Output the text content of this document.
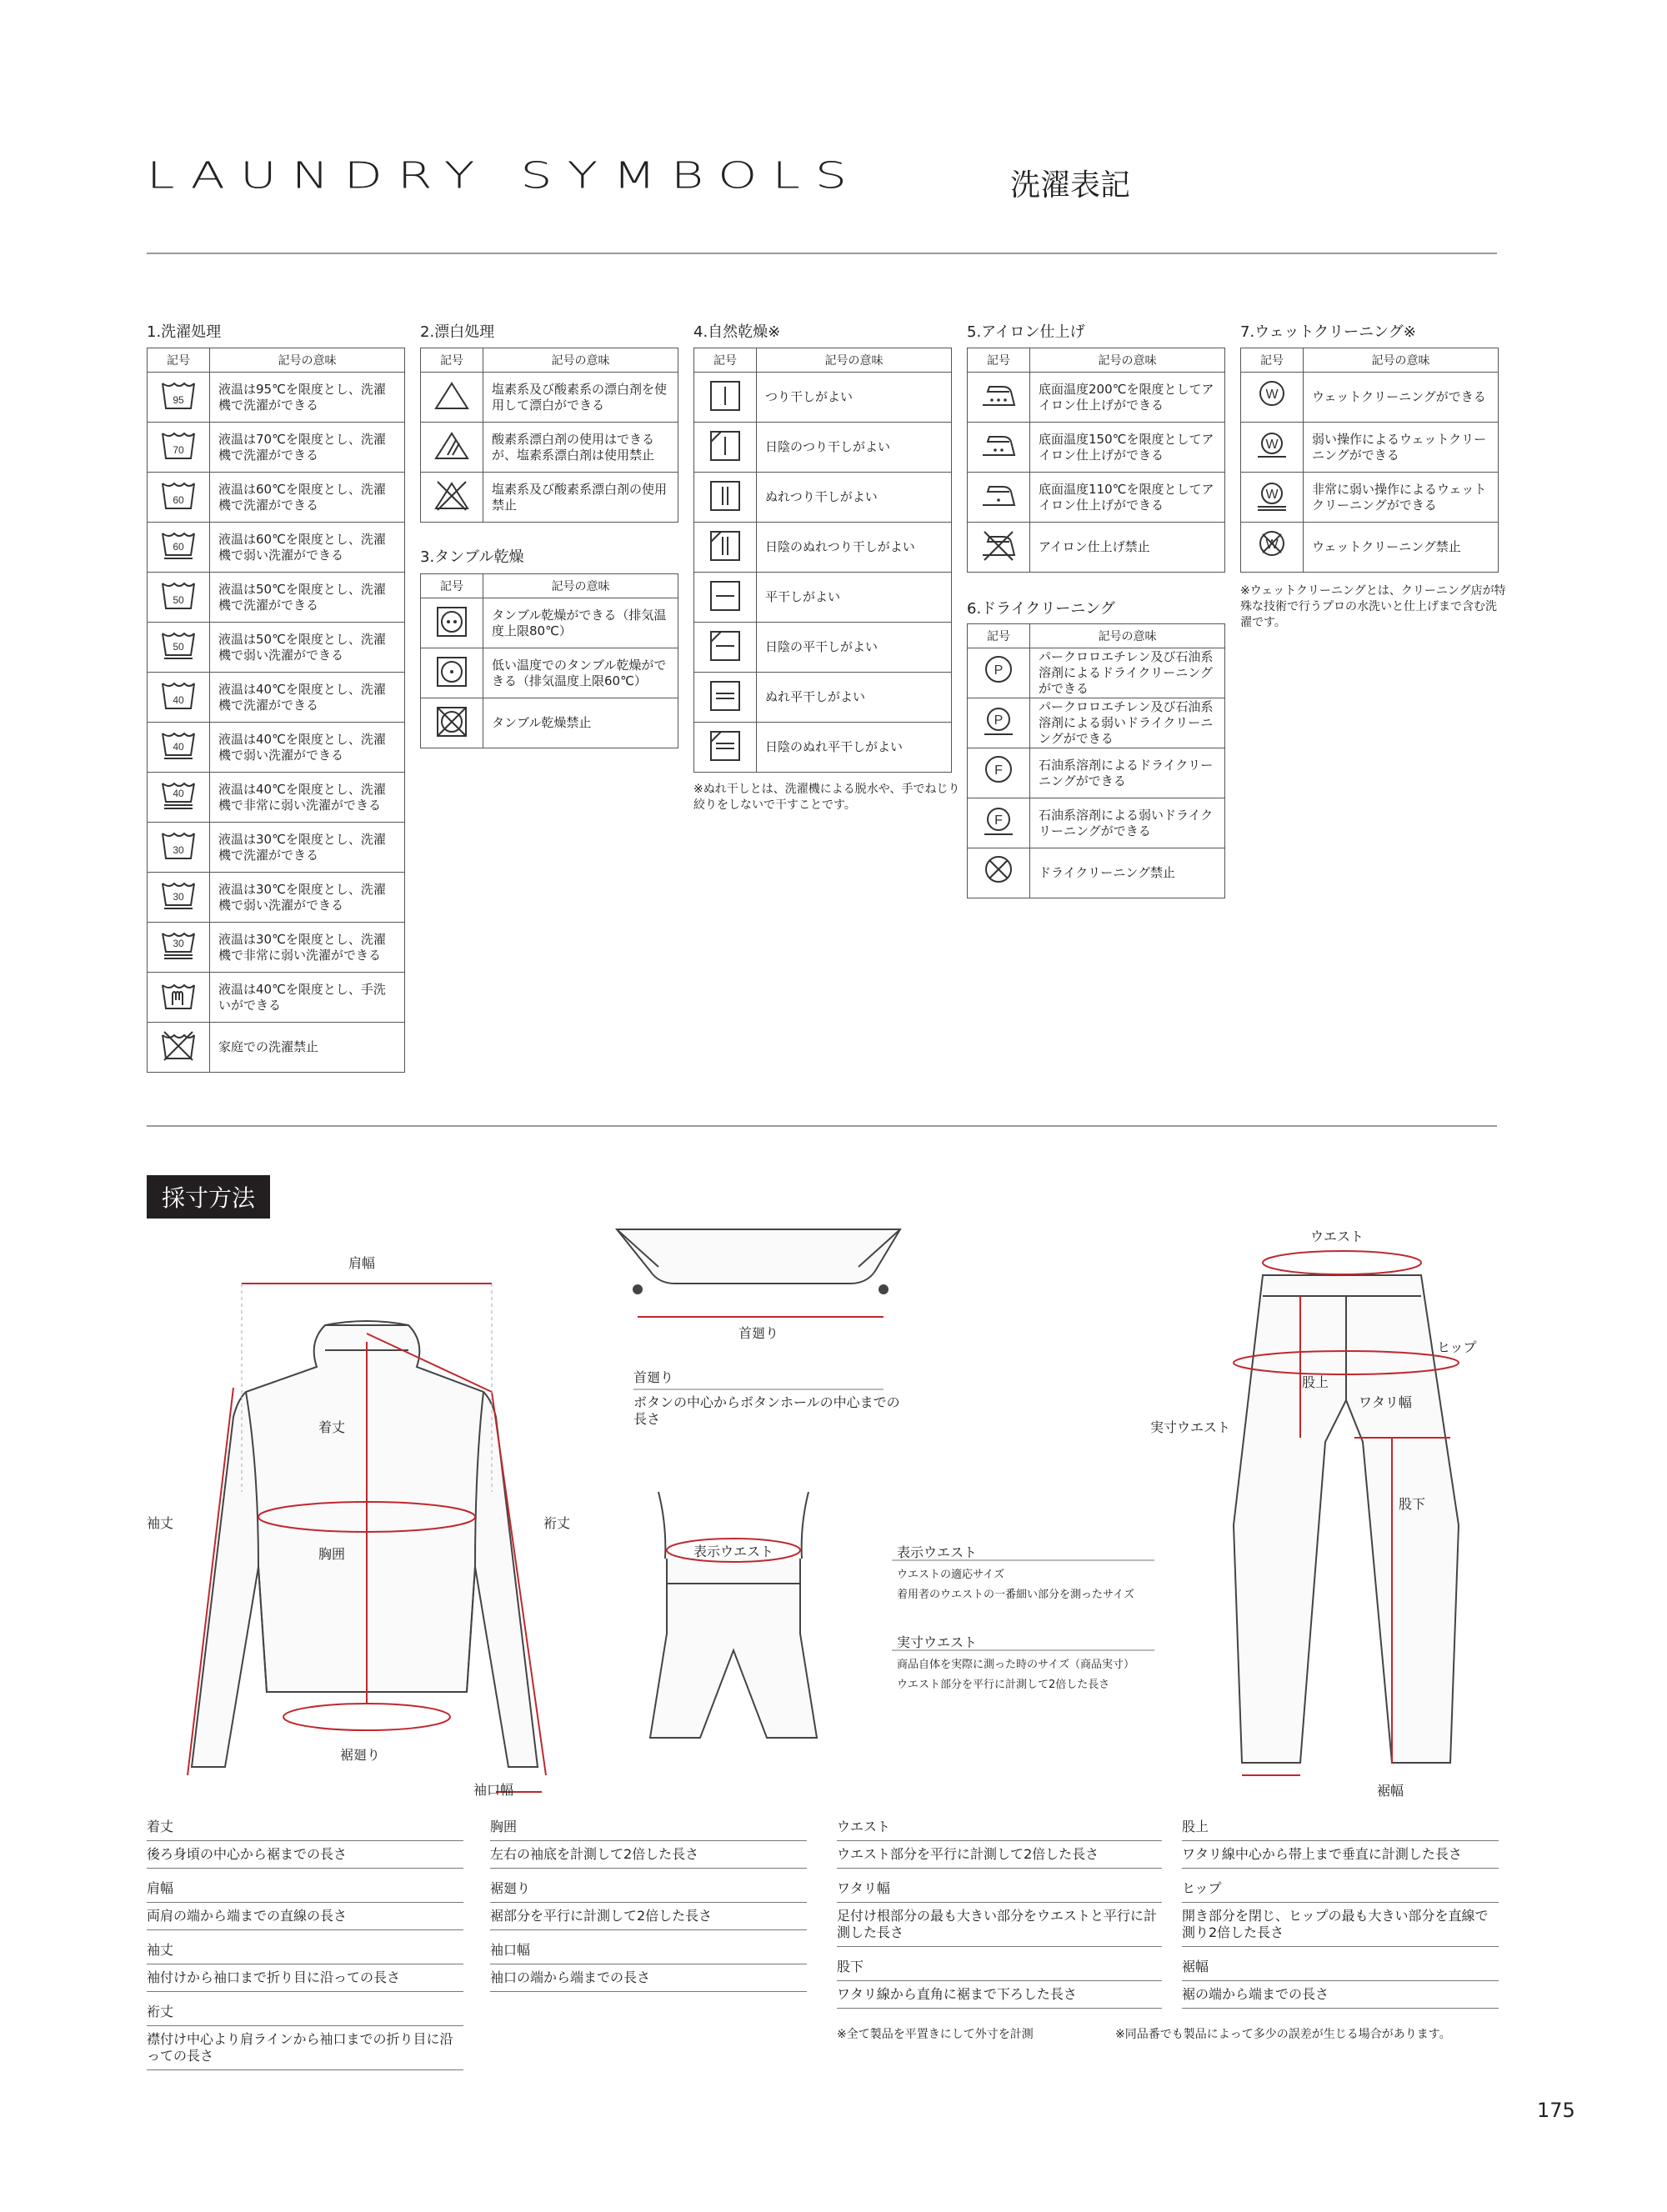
LAUNDRY SYMBOLS	洗濯表記
1.洗濯処理
記号	記号の意味

95	液温は95℃を限度とし、洗濯機で洗濯ができる

70	液温は70℃を限度とし、洗濯機で洗濯ができる

60	液温は60℃を限度とし、洗濯機で洗濯ができる

60	液温は60℃を限度とし、洗濯機で弱い洗濯ができる

50	液温は50℃を限度とし、洗濯機で洗濯ができる

50	液温は50℃を限度とし、洗濯機で弱い洗濯ができる

40	液温は40℃を限度とし、洗濯機で洗濯ができる

40	液温は40℃を限度とし、洗濯機で弱い洗濯ができる

40	液温は40℃を限度とし、洗濯機で非常に弱い洗濯ができる

30	液温は30℃を限度とし、洗濯機で洗濯ができる

30	液温は30℃を限度とし、洗濯機で弱い洗濯ができる

30	液温は30℃を限度とし、洗濯機で非常に弱い洗濯ができる
	液温は40℃を限度とし、手洗いができる
	家庭での洗濯禁止
2.漂白処理
記号	記号の意味
	塩素系及び酸素系の漂白剤を使用して漂白ができる
	酸素系漂白剤の使用はできるが、塩素系漂白剤は使用禁止
	塩素系及び酸素系漂白剤の使用禁止
3.タンブル乾燥
記号	記号の意味
	タンブル乾燥ができる（排気温度上限80℃）
	低い温度でのタンブル乾燥ができる（排気温度上限60℃）
	タンブル乾燥禁止
4.自然乾燥※
記号	記号の意味
	つり干しがよい
	日陰のつり干しがよい
	ぬれつり干しがよい
	日陰のぬれつり干しがよい
	平干しがよい
	日陰の平干しがよい
	ぬれ平干しがよい
	日陰のぬれ平干しがよい
※ぬれ干しとは、洗濯機による脱水や、手でねじり絞りをしないで干すことです。
5.アイロン仕上げ
記号	記号の意味
	底面温度200℃を限度としてアイロン仕上げができる
	底面温度150℃を限度としてアイロン仕上げができる
	底面温度110℃を限度としてアイロン仕上げができる
	アイロン仕上げ禁止
6.ドライクリーニング
記号	記号の意味

P	パークロロエチレン及び石油系溶剤によるドライクリーニングができる

P	パークロロエチレン及び石油系溶剤による弱いドライクリーニングができる

F	石油系溶剤によるドライクリーニングができる

F	石油系溶剤による弱いドライクリーニングができる
	ドライクリーニング禁止
7.ウェットクリーニング※
記号	記号の意味

W	ウェットクリーニングができる

W	弱い操作によるウェットクリーニングができる

W	非常に弱い操作によるウェットクリーニングができる

W	ウェットクリーニング禁止
※ウェットクリーニングとは、クリーニング店が特殊な技術で行うプロの水洗いと仕上げまで含む洗濯です。
採寸方法
肩幅
着丈
袖丈	裄丈
胸囲
裾廻り
袖口幅
首廻り
首廻り
ボタンの中心からボタンホールの中心までの長さ
表示ウエスト	表示ウエスト
ウエストの適応サイズ
着用者のウエストの一番細い部分を測ったサイズ
実寸ウエスト
商品自体を実際に測った時のサイズ（商品実寸）
ウエスト部分を平行に計測して2倍した長さ
ウエスト
ヒップ
股上
ワタリ幅
実寸ウエスト
股下
裾幅
着丈
後ろ身頃の中心から裾までの長さ
肩幅
両肩の端から端までの直線の長さ
袖丈
袖付けから袖口まで折り目に沿っての長さ
裄丈
襟付け中心より肩ラインから袖口までの折り目に沿っての長さ
胸囲
左右の袖底を計測して2倍した長さ
裾廻り
裾部分を平行に計測して2倍した長さ
袖口幅
袖口の端から端までの長さ
ウエスト
ウエスト部分を平行に計測して2倍した長さ
ワタリ幅
足付け根部分の最も大きい部分をウエストと平行に計測した長さ
股下
ワタリ線から直角に裾まで下ろした長さ
股上
ワタリ線中心から帯上まで垂直に計測した長さ
ヒップ
開き部分を閉じ、ヒップの最も大きい部分を直線で測り2倍した長さ
裾幅
裾の端から端までの長さ
※全て製品を平置きにして外寸を計測	※同品番でも製品によって多少の誤差が生じる場合があります。
175
